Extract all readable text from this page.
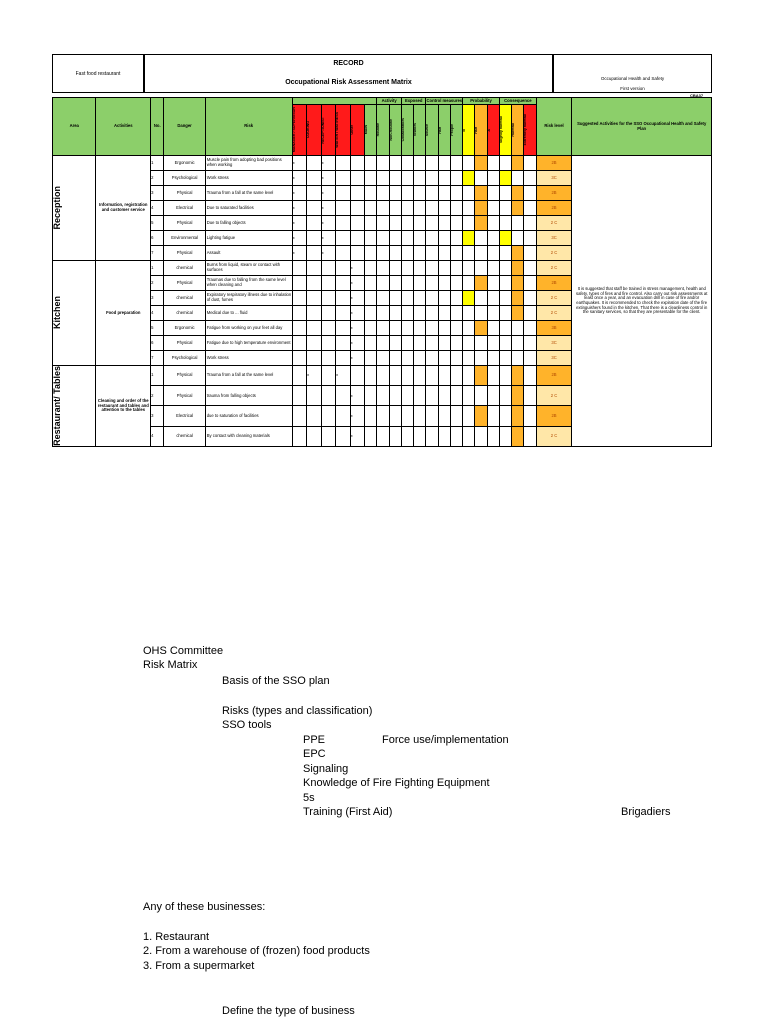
Fast food restaurant
RECORD
Occupational Risk Assessment Matrix
Occupational Health and Safety
First version
CBA37
Area	Activities	No.	Danger	Risk							Activity		Exposed		Control measures			Probability			Consequence			Risk level	Suggested Activities for the SSO Occupational Health and Safety Plan

					MANAGER / SUPERVISOR	COOKING	RECEPTIONIST	WAITER / WAITRESS	Other	MAIN	Routine	Non-Routine	Collaborators	Visitors	Source	Half	People	B	Half	A	Slightly harmful	Harmful	Extremely harmful		

Reception	Information, registration and customer service	1	Ergonomic	Muscle pain from adopting bad positions when working	x		x																	2B	It is suggested that staff be trained in stress management, health and safety, types of fires and fire control. Also carry out risk assessments at least once a year, and an evacuation drill in case of fire and/or earthquakes. It is recommended to check the expiration date of the fire extinguishers found in the kitchen. That there is a cleanliness control in the sanitary services, so that they are presentable for the client.
		2	Psychological	Work stress	x		x																	3C	
		3	Physical	Trauma from a fall at the same level	x		x																	2B	
		4	Electrical	Due to saturated facilities	x		x																	2B	
		5	Physical	Due to falling objects	x		x																	2 C	
		6	Environmental	Lighting fatigue	x		x																	3C	
		7	Physical	Assault	x		x																	2 C	

Kitchen	Food preparation	1	chemical	Burns from liquid, steam or contact with surfaces					x															2 C	
		2	Physical	Traumas due to falling from the same level when cleaning and					x															2B	
		3	chemical	Expiratory respiratory illness due to inhalation of dust, fumes					x															2 C	
		4	chemical	Medical due to ... fluid					x															2 C	
		5	Ergonomic	Fatigue from working on your feet all day					x															3B	
		6	Physical	Fatigue due to high temperature environment					x															3C	
		7	Psychological	Work stress					x															3C	

Restaurant/ Tables	Cleaning and order of the restaurant and tables and attention to the tables	1	Physical	Trauma from a fall at the same level		x		x																2B	
		2	Physical	trauma from falling objects					x															2 C	
		3	Electrical	due to saturation of facilities					x															2B	
		4	chemical	By contact with cleaning materials					x															2 C	
OHS Committee
Risk Matrix
Basis of the SSO plan
Risks (types and classification)
SSO tools
PPE	Force use/implementation
EPC
Signaling
Knowledge of Fire Fighting Equipment
5s
Training (First Aid)	Brigadiers
Any of these businesses:
1. Restaurant
2. From a warehouse of (frozen) food products
3. From a supermarket
Define the type of business
